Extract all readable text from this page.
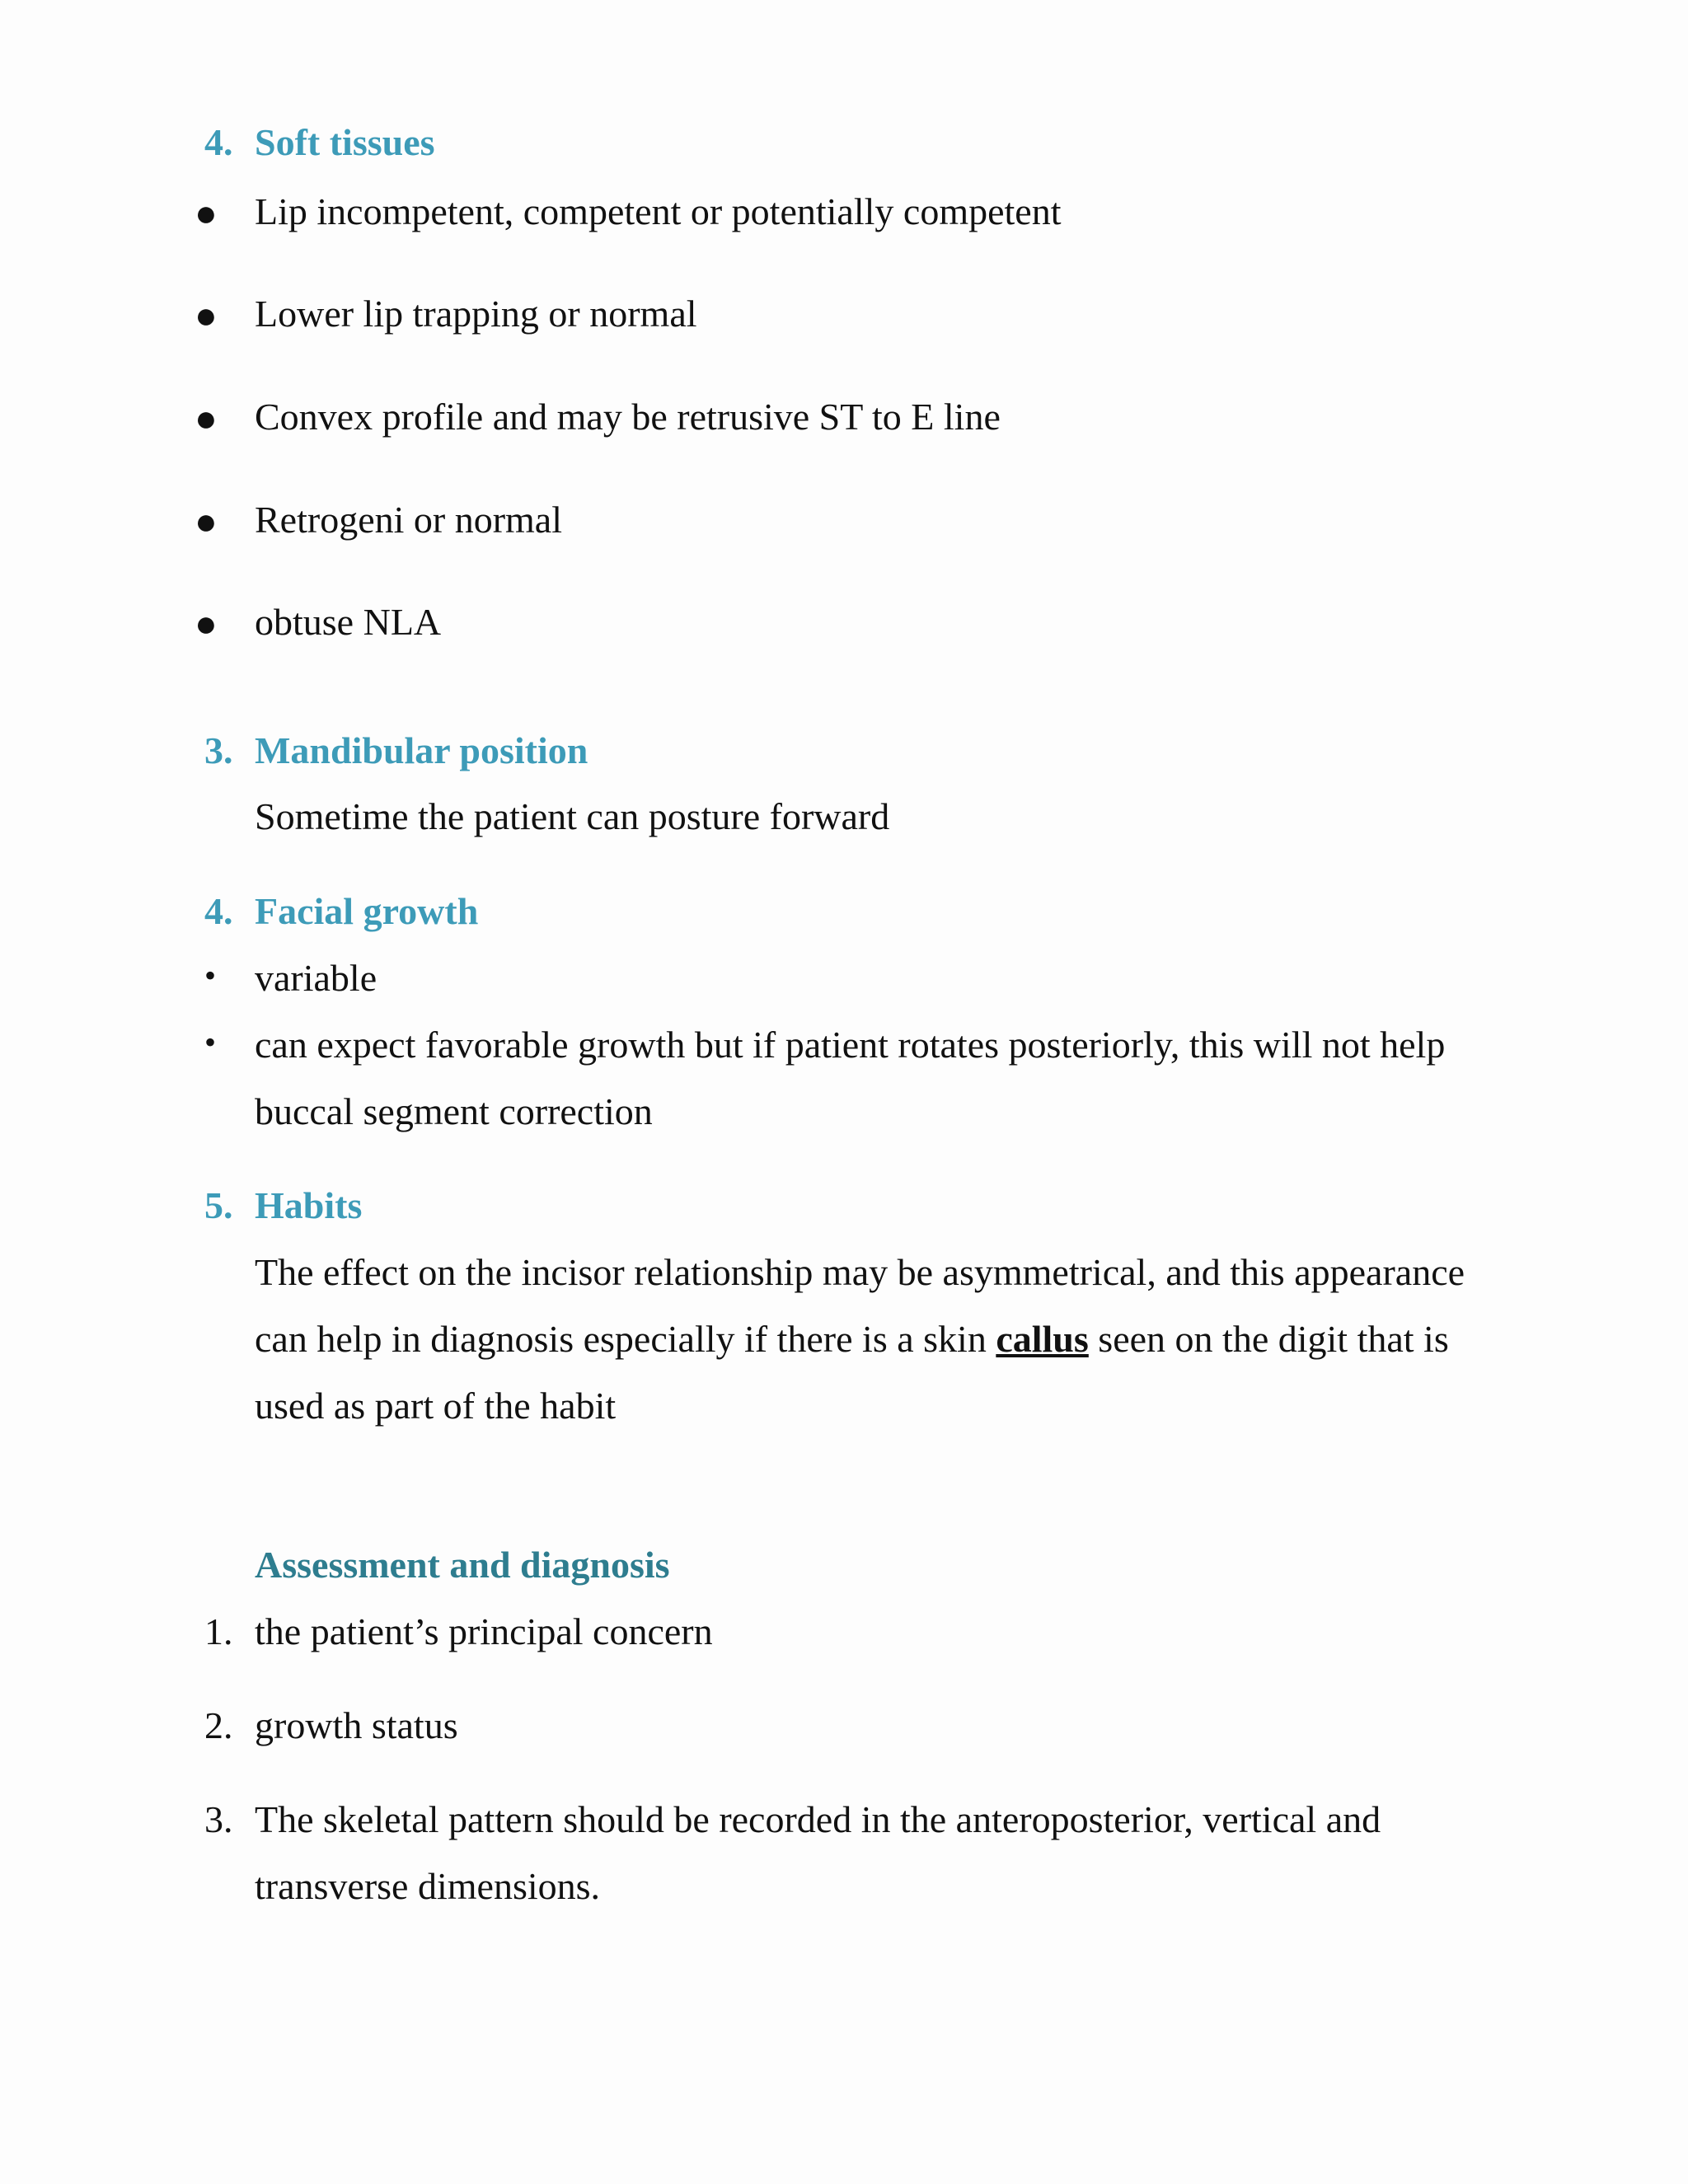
4. Soft tissues
● Lip incompetent, competent or potentially competent
● Lower lip trapping or normal
● Convex profile and may be retrusive ST to E line
● Retrogeni or normal
● obtuse NLA
3. Mandibular position
Sometime the patient can posture forward
4. Facial growth
• variable
• can expect favorable growth but if patient rotates posteriorly, this will not help
buccal segment correction
5. Habits
The effect on the incisor relationship may be asymmetrical, and this appearance
can help in diagnosis especially if there is a skin callus seen on the digit that is
used as part of the habit
Assessment and diagnosis
1. the patient’s principal concern
2. growth status
3. The skeletal pattern should be recorded in the anteroposterior, vertical and
transverse dimensions.
